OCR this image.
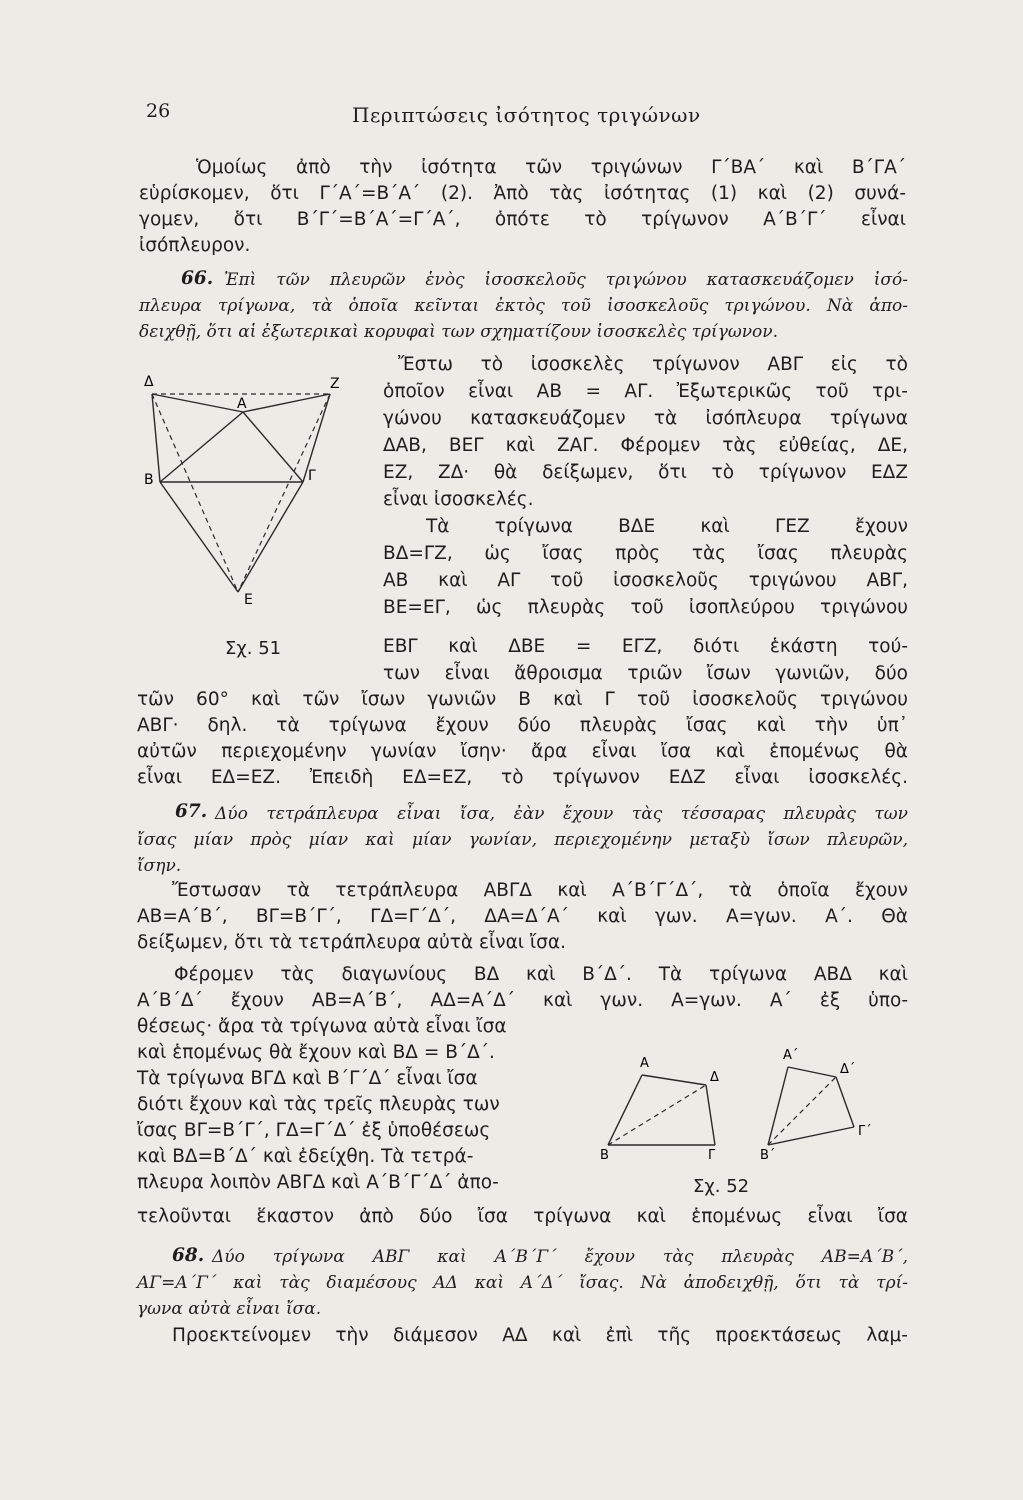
26	Περιπτώσεις ἰσότητος τριγώνων
Ὁμοίως ἀπὸ τὴν ἰσότητα τῶν τριγώνων Γ΄ΒΑ΄ καὶ Β΄ΓΑ΄
εὑρίσκομεν, ὅτι Γ΄Α΄=Β΄Α΄ (2). Ἀπὸ τὰς ἰσότητας (1) καὶ (2) συνά-
γομεν, ὅτι Β΄Γ΄=Β΄Α΄=Γ΄Α΄, ὁπότε τὸ τρίγωνον Α΄Β΄Γ΄ εἶναι
ἰσόπλευρον.
66. Ἐπὶ τῶν πλευρῶν ἑνὸς ἰσοσκελοῦς τριγώνου κατασκευάζομεν ἰσό-
πλευρα τρίγωνα, τὰ ὁποῖα κεῖνται ἐκτὸς τοῦ ἰσοσκελοῦς τριγώνου. Νὰ ἀπο-
δειχθῇ, ὅτι αἱ ἐξωτερικαὶ κορυφαὶ των σχηματίζουν ἰσοσκελὲς τρίγωνον.
Ἔστω τὸ ἰσοσκελὲς τρίγωνον ΑΒΓ εἰς τὸ
ὁποῖον εἶναι ΑΒ = ΑΓ. Ἐξωτερικῶς τοῦ τρι-
γώνου κατασκευάζομεν τὰ ἰσόπλευρα τρίγωνα
ΔΑΒ, ΒΕΓ καὶ ΖΑΓ. Φέρομεν τὰς εὐθείας, ΔΕ,
ΕΖ, ΖΔ· θὰ δείξωμεν, ὅτι τὸ τρίγωνον ΕΔΖ
εἶναι ἰσοσκελές.
Τὰ τρίγωνα ΒΔΕ καὶ ΓΕΖ ἔχουν
ΒΔ=ΓΖ, ὡς ἴσας πρὸς τὰς ἴσας πλευρὰς
ΑΒ καὶ ΑΓ τοῦ ἰσοσκελοῦς τριγώνου ΑΒΓ,
ΒΕ=ΕΓ, ὡς πλευρὰς τοῦ ἰσοπλεύρου τριγώνου
ΕΒΓ καὶ ΔΒΕ = ΕΓΖ, διότι ἑκάστη τού-
των εἶναι ἄθροισμα τριῶν ἴσων γωνιῶν, δύο
τῶν 60° καὶ τῶν ἴσων γωνιῶν Β καὶ Γ τοῦ ἰσοσκελοῦς τριγώνου
ΑΒΓ· δηλ. τὰ τρίγωνα ἔχουν δύο πλευρὰς ἴσας καὶ τὴν ὑπ᾽
αὐτῶν περιεχομένην γωνίαν ἴσην· ἄρα εἶναι ἴσα καὶ ἑπομένως θὰ
εἶναι ΕΔ=ΕΖ. Ἐπειδὴ ΕΔ=ΕΖ, τὸ τρίγωνον ΕΔΖ εἶναι ἰσοσκελές.
Δ	Ζ
Α
Β	Γ
Ε
Σχ. 51
67. Δύο τετράπλευρα εἶναι ἴσα, ἐὰν ἔχουν τὰς τέσσαρας πλευρὰς των
ἴσας μίαν πρὸς μίαν καὶ μίαν γωνίαν, περιεχομένην μεταξὺ ἴσων πλευρῶν,
ἴσην.
Ἔστωσαν τὰ τετράπλευρα ΑΒΓΔ καὶ Α΄Β΄Γ΄Δ΄, τὰ ὁποῖα ἔχουν
ΑΒ=Α΄Β΄, ΒΓ=Β΄Γ΄, ΓΔ=Γ΄Δ΄, ΔΑ=Δ΄Α΄ καὶ γων. Α=γων. Α΄. Θὰ
δείξωμεν, ὅτι τὰ τετράπλευρα αὐτὰ εἶναι ἴσα.
Φέρομεν τὰς διαγωνίους ΒΔ καὶ Β΄Δ΄. Τὰ τρίγωνα ΑΒΔ καὶ
Α΄Β΄Δ΄ ἔχουν ΑΒ=Α΄Β΄, ΑΔ=Α΄Δ΄ καὶ γων. Α=γων. Α΄ ἐξ ὑπο-
θέσεως· ἄρα τὰ τρίγωνα αὐτὰ εἶναι ἴσα
καὶ ἑπομένως θὰ ἔχουν καὶ ΒΔ = Β΄Δ΄.
Τὰ τρίγωνα ΒΓΔ καὶ Β΄Γ΄Δ΄ εἶναι ἴσα
διότι ἔχουν καὶ τὰς τρεῖς πλευρὰς των
ἴσας ΒΓ=Β΄Γ΄, ΓΔ=Γ΄Δ΄ ἐξ ὑποθέσεως
καὶ ΒΔ=Β΄Δ΄ καὶ ἐδείχθη. Τὰ τετρά-
πλευρα λοιπὸν ΑΒΓΔ καὶ Α΄Β΄Γ΄Δ΄ ἀπο-
τελοῦνται ἕκαστον ἀπὸ δύο ἴσα τρίγωνα καὶ ἑπομένως εἶναι ἴσα
Α
Δ
Β	Γ
Α΄
Δ΄
Β΄
Γ΄
Σχ. 52
68. Δύο τρίγωνα ΑΒΓ καὶ Α΄Β΄Γ΄ ἔχουν τὰς πλευρὰς ΑΒ=Α΄Β΄,
ΑΓ=Α΄Γ΄ καὶ τὰς διαμέσους ΑΔ καὶ Α΄Δ΄ ἴσας. Νὰ ἀποδειχθῇ, ὅτι τὰ τρί-
γωνα αὐτὰ εἶναι ἴσα.
Προεκτείνομεν τὴν διάμεσον ΑΔ καὶ ἐπὶ τῆς προεκτάσεως λαμ-
